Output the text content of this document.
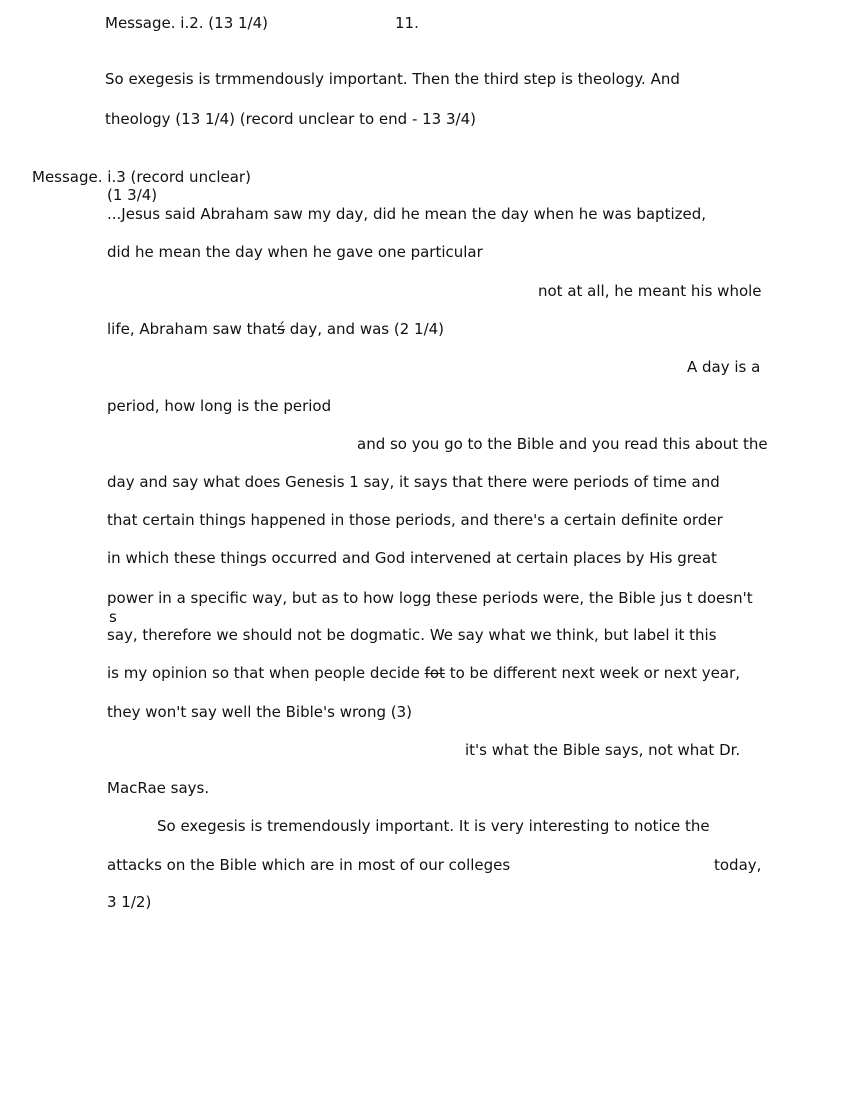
Message. i.2. (13 1/4)	11.
So exegesis is trmmendously important. Then the third step is theology. And
theology (13 1/4) (record unclear to end - 13 3/4)
Message. i.3 (record unclear)
(1 3/4)
...Jesus said Abraham saw my day, did he mean the day when he was baptized,
did he mean the day when he gave one particular
not at all, he meant his whole
life, Abraham saw thatś day, and was (2 1/4)
A day is a
period, how long is the period
and so you go to the Bible and you read this about the
day and say what does Genesis 1 say, it says that there were periods of time and
that certain things happened in those periods, and there's a certain definite order
in which these things occurred and God intervened at certain places by His great
power in a specific way, but as to how logg these periods were, the Bible jus t doesn't
s
say, therefore we should not be dogmatic. We say what we think, but label it this
is my opinion so that when people decide fot to be different next week or next year,
they won't say well the Bible's wrong (3)
it's what the Bible says, not what Dr.
MacRae says.
So exegesis is tremendously important. It is very interesting to notice the
attacks on the Bible which are in most of our colleges	today,
3 1/2)
